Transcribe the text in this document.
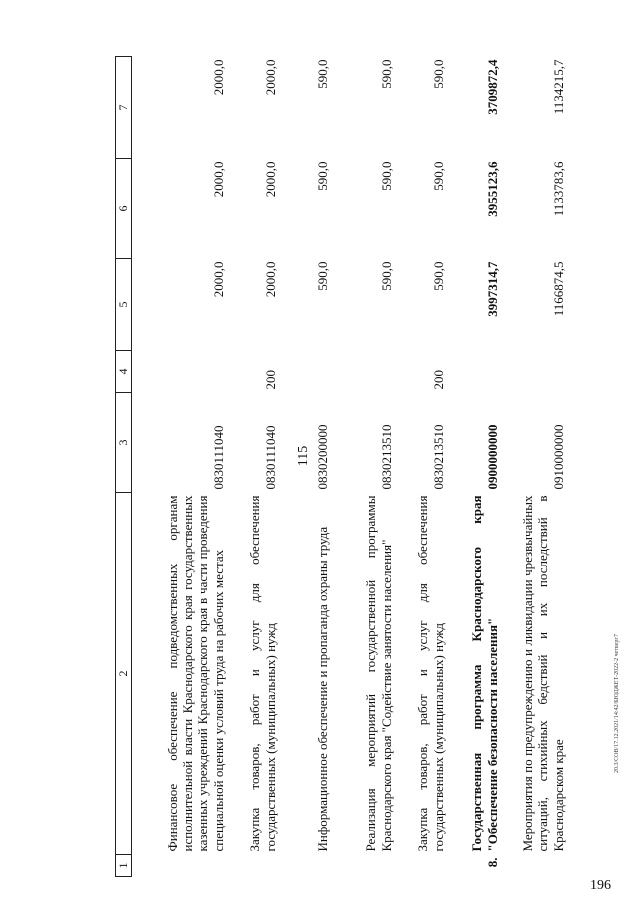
115
1	2	3	4	5	6	7
	Финансовое обеспечение подведомственных органам исполнительной власти Краснодарского края государственных казенных учреждений Краснодарского края в части проведения специальной оценки условий труда на рабочих местах	0830111040		2000,0	2000,0	2000,0
	Закупка товаров, работ и услуг для обеспечения государственных (муниципальных) нужд	0830111040	200	2000,0	2000,0	2000,0
	Информационное обеспечение и пропаганда охраны труда	0830200000		590,0	590,0	590,0
	Реализация мероприятий государственной программы Краснодарского края "Содействие занятости населения"	0830213510		590,0	590,0	590,0
	Закупка товаров, работ и услуг для обеспечения государственных (муниципальных) нужд	0830213510	200	590,0	590,0	590,0
8.	Государственная программа Краснодарского края "Обеспечение безопасности населения"	0900000000		3997314,7	3955123,6	3709872,4
	Мероприятия по предупреждению и ликвидации чрезвычайных ситуаций, стихийных бедствий и их последствий в Краснодарском крае	0910000000		1166874,5	1133783,6	1134215,7
20.3/СОВ/17.12.2021/14:42/БЮДЖЕТ-2022-2 четверг7
196
